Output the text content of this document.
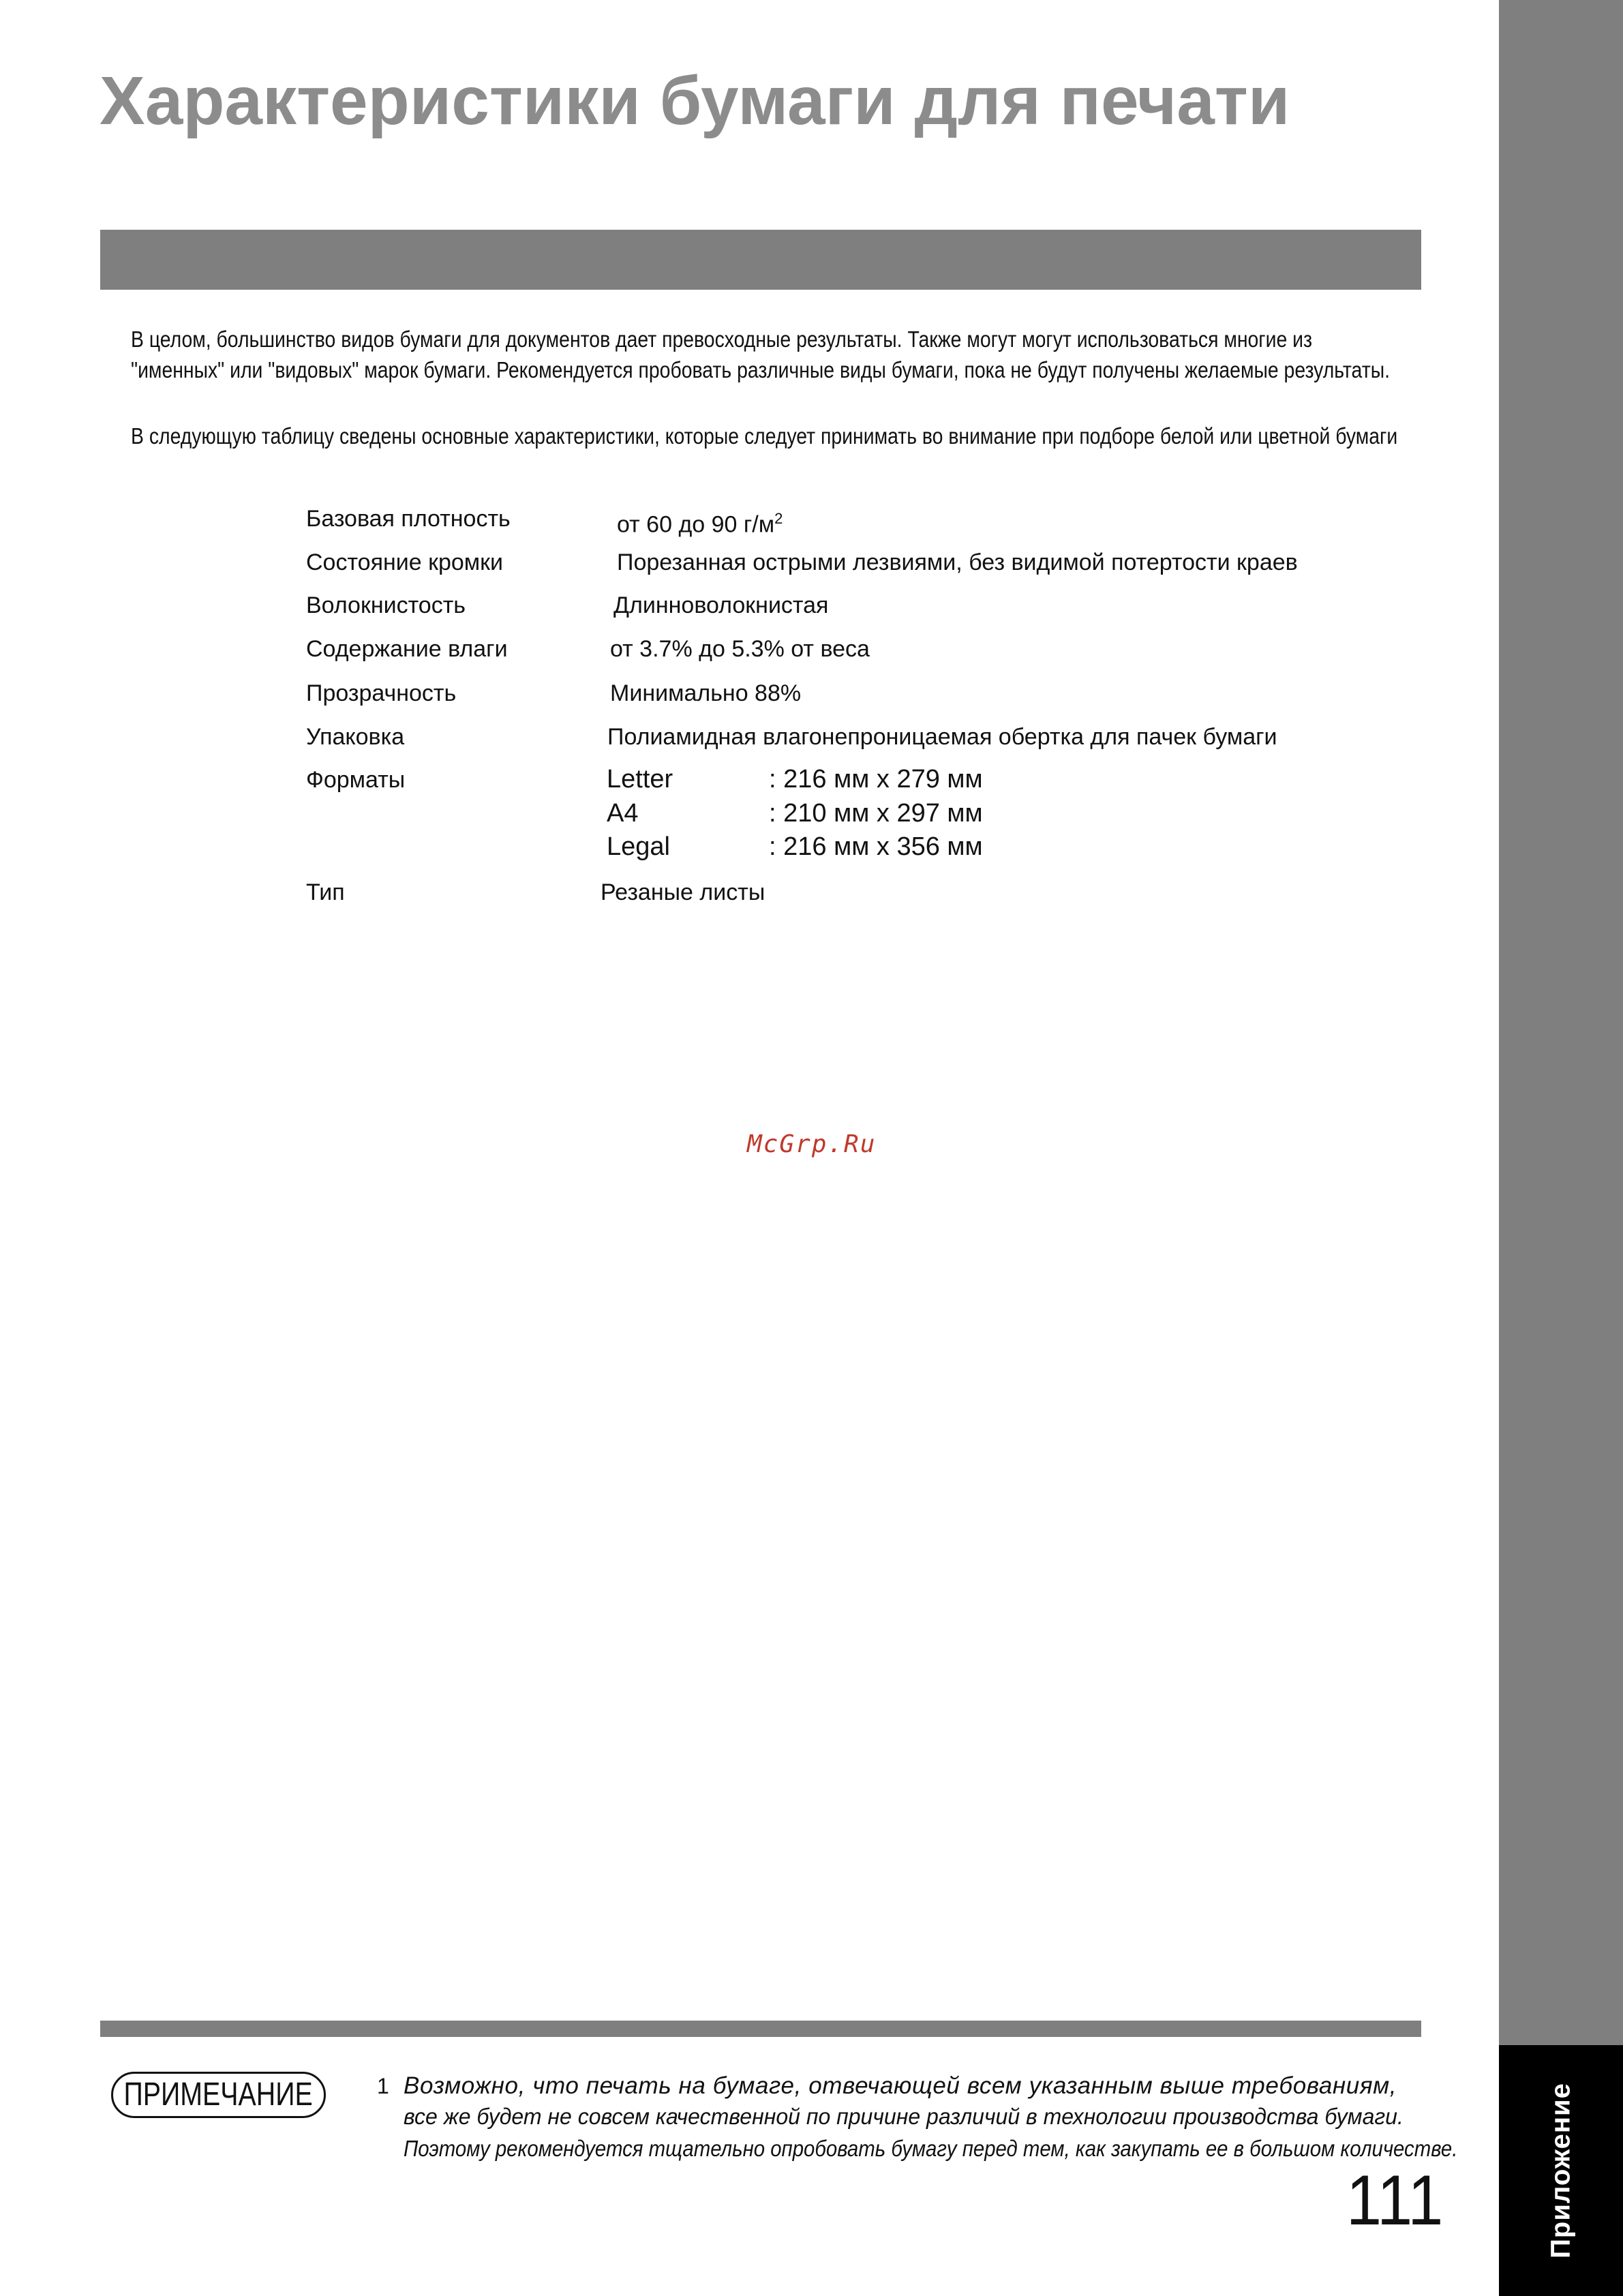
Приложение
Характеристики бумаги для печати
В целом, большинство видов бумаги для документов дает превосходные результаты. Также могут могут использоваться многие из
"именных" или "видовых" марок бумаги. Рекомендуется пробовать различные виды бумаги, пока не будут получены желаемые результаты.
В следующую таблицу сведены основные характеристики, которые следует принимать во внимание при подборе белой или цветной бумаги
Базовая плотность	от 60 до 90 $г/м^2$
Состояние кромки	Порезанная острыми лезвиями, без видимой потертости краев
Волокнистость	Длинноволокнистая
Содержание влаги	от 3.7% до 5.3% от веса
Прозрачность	Минимально 88%
Упаковка	Полиамидная влагонепроницаемая обертка для пачек бумаги
Форматы	Letter	: 216 мм х 279 мм
A4	: 210 мм х 297 мм
Legal	: 216 мм х 356 мм
Тип	Резаные листы
McGrp.Ru
ПРИМЕЧАНИЕ	1 Возможно, что печать на бумаге, отвечающей всем указанным выше требованиям,
все же будет не совсем качественной по причине различий в технологии производства бумаги.
Поэтому рекомендуется тщательно опробовать бумагу перед тем, как закупать ее в большом количестве.
111
